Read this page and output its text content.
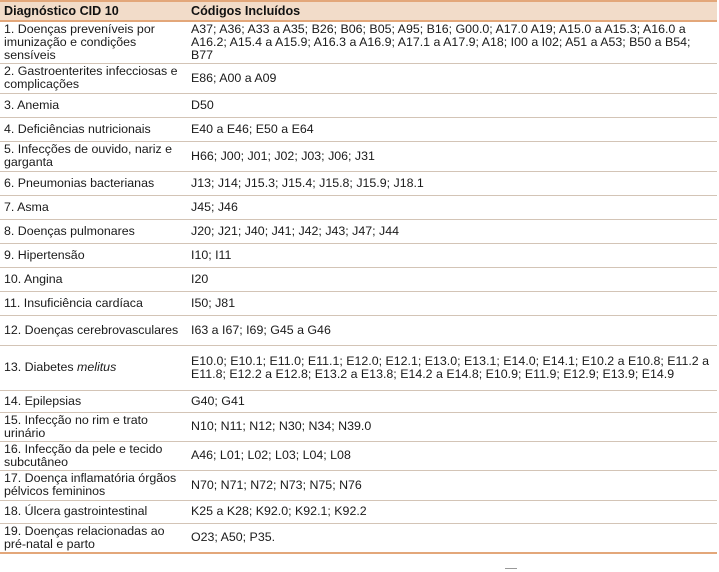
Diagnóstico CID 10	Códigos Incluídos
1. Doenças preveníveis por imunização e condições sensíveis	A37; A36; A33 a A35; B26; B06; B05; A95; B16; G00.0; A17.0 A19; A15.0 a A15.3; A16.0 a A16.2; A15.4 a A15.9; A16.3 a A16.9; A17.1 a A17.9; A18; I00 a I02; A51 a A53; B50 a B54; B77
2. Gastroenterites infecciosas e complicações	E86; A00 a A09
3. Anemia	D50
4. Deficiências nutricionais	E40 a E46; E50 a E64
5. Infecções de ouvido, nariz e garganta	H66; J00; J01; J02; J03; J06; J31
6. Pneumonias bacterianas	J13; J14; J15.3; J15.4; J15.8; J15.9; J18.1
7. Asma	J45; J46
8. Doenças pulmonares	J20; J21; J40; J41; J42; J43; J47; J44
9. Hipertensão	I10; I11
10. Angina	I20
11. Insuficiência cardíaca	I50; J81
12. Doenças cerebrovasculares	I63 a I67; I69; G45 a G46
13. Diabetes melitus	E10.0; E10.1; E11.0; E11.1; E12.0; E12.1; E13.0; E13.1; E14.0; E14.1; E10.2 a E10.8; E11.2 a E11.8; E12.2 a E12.8; E13.2 a E13.8; E14.2 a E14.8; E10.9; E11.9; E12.9; E13.9; E14.9
14. Epilepsias	G40; G41
15. Infecção no rim e trato urinário	N10; N11; N12; N30; N34; N39.0
16. Infecção da pele e tecido subcutâneo	A46; L01; L02; L03; L04; L08
17. Doença inflamatória órgãos pélvicos femininos	N70; N71; N72; N73; N75; N76
18. Úlcera gastrointestinal	K25 a K28; K92.0; K92.1; K92.2
19. Doenças relacionadas ao pré-natal e parto	O23; A50; P35.
